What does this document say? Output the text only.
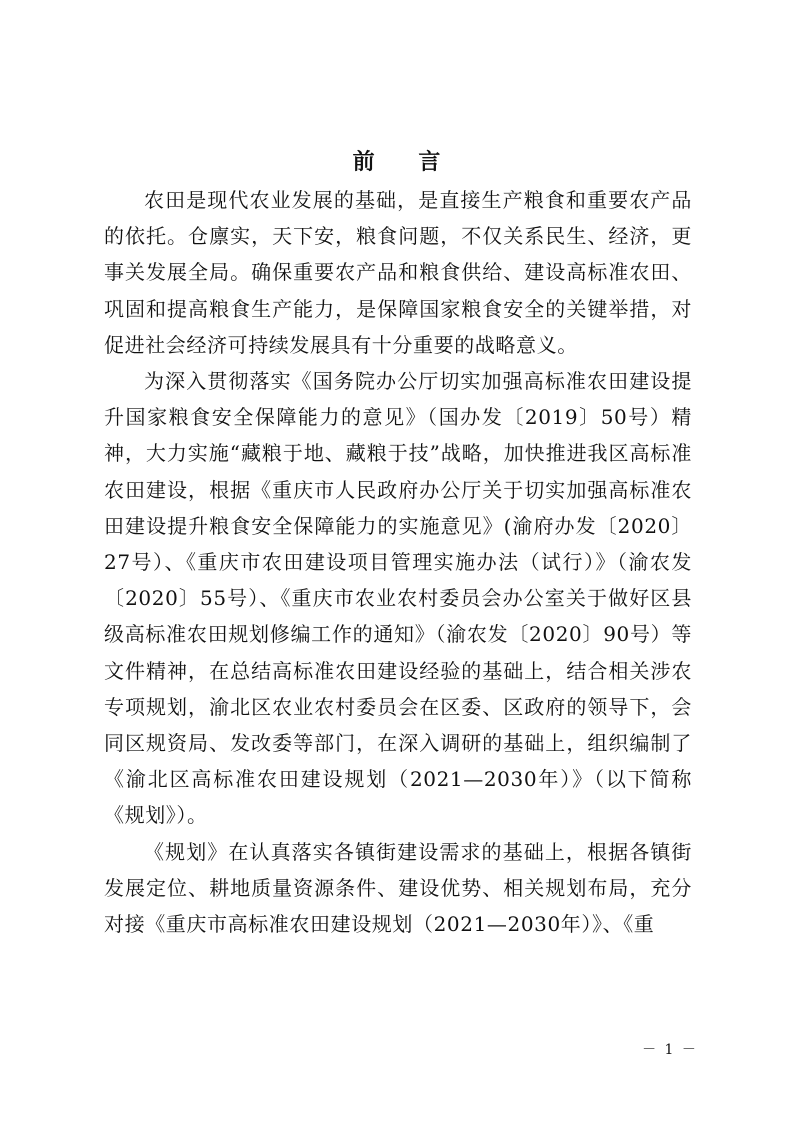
前 言

农田是现代农业发展的基础，是直接生产粮食和重要农产品的依托。仓廪实，天下安，粮食问题，不仅关系民生、经济，更事关发展全局。确保重要农产品和粮食供给、建设高标准农田、巩固和提高粮食生产能力，是保障国家粮食安全的关键举措，对促进社会经济可持续发展具有十分重要的战略意义。

为深入贯彻落实《国务院办公厅切实加强高标准农田建设提升国家粮食安全保障能力的意见》（国办发〔2019〕50号）精神，大力实施“藏粮于地、藏粮于技”战略，加快推进我区高标准农田建设，根据《重庆市人民政府办公厅关于切实加强高标准农田建设提升粮食安全保障能力的实施意见》(渝府办发〔2020〕27号）、《重庆市农田建设项目管理实施办法（试行）》（渝农发〔2020〕55号）、《重庆市农业农村委员会办公室关于做好区县级高标准农田规划修编工作的通知》（渝农发〔2020〕90号）等文件精神，在总结高标准农田建设经验的基础上，结合相关涉农专项规划，渝北区农业农村委员会在区委、区政府的领导下，会同区规资局、发改委等部门，在深入调研的基础上，组织编制了《渝北区高标准农田建设规划（2021—2030年）》（以下简称《规划》）。

《规划》在认真落实各镇街建设需求的基础上，根据各镇街发展定位、耕地质量资源条件、建设优势、相关规划布局，充分对接《重庆市高标准农田建设规划（2021—2030年）》、《重

－ 1 －
